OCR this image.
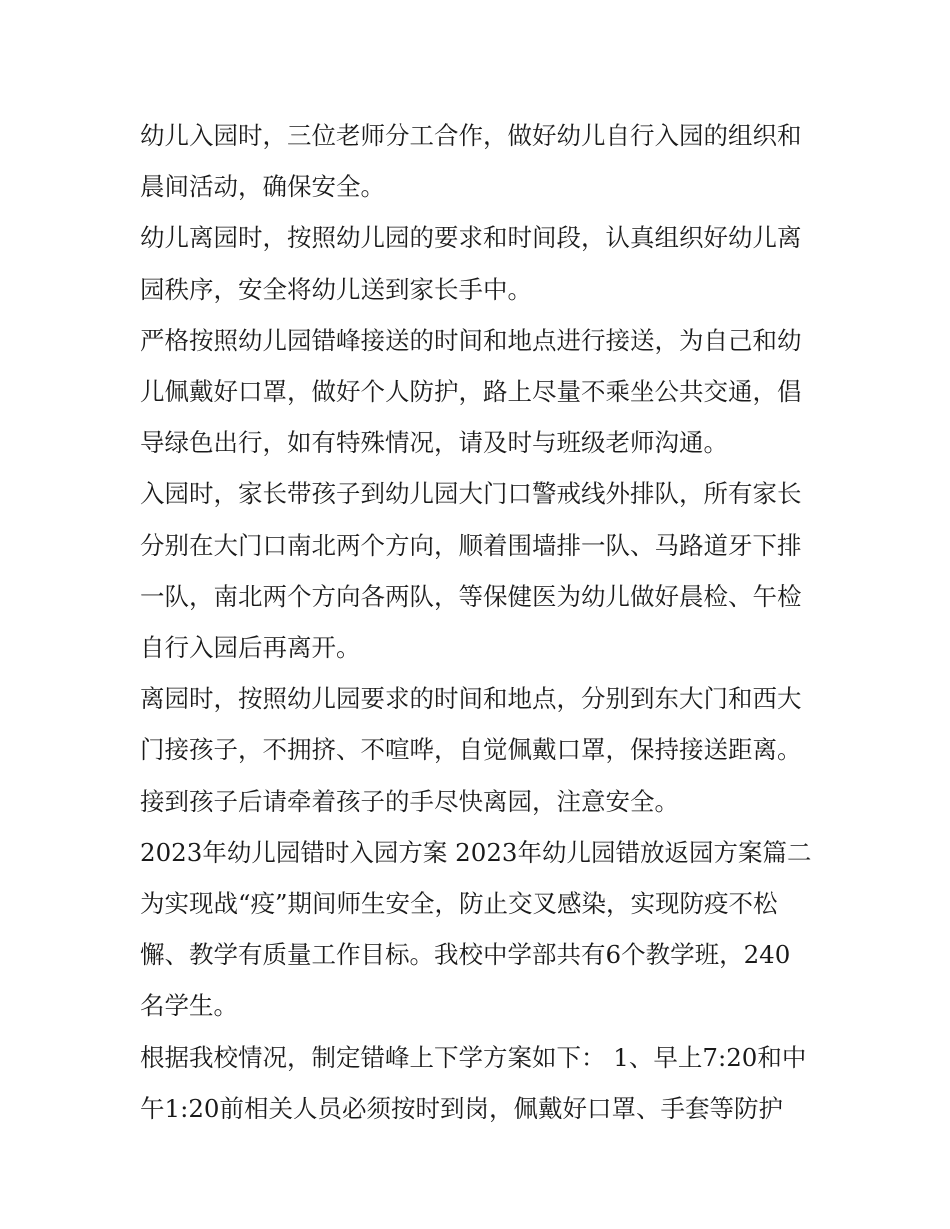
幼儿入园时，三位老师分工合作，做好幼儿自行入园的组织和晨间活动，确保安全。

幼儿离园时，按照幼儿园的要求和时间段，认真组织好幼儿离园秩序，安全将幼儿送到家长手中。

严格按照幼儿园错峰接送的时间和地点进行接送，为自己和幼儿佩戴好口罩，做好个人防护，路上尽量不乘坐公共交通，倡导绿色出行，如有特殊情况，请及时与班级老师沟通。

入园时，家长带孩子到幼儿园大门口警戒线外排队，所有家长分别在大门口南北两个方向，顺着围墙排一队、马路道牙下排一队，南北两个方向各两队，等保健医为幼儿做好晨检、午检自行入园后再离开。

离园时，按照幼儿园要求的时间和地点，分别到东大门和西大门接孩子，不拥挤、不喧哗，自觉佩戴口罩，保持接送距离。

接到孩子后请牵着孩子的手尽快离园，注意安全。

2023年幼儿园错时入园方案 2023年幼儿园错放返园方案篇二

为实现战“疫”期间师生安全，防止交叉感染，实现防疫不松懈、教学有质量工作目标。我校中学部共有6个教学班，240名学生。

根据我校情况，制定错峰上下学方案如下： 1、早上7:20和中午1:20前相关人员必须按时到岗，佩戴好口罩、手套等防护
